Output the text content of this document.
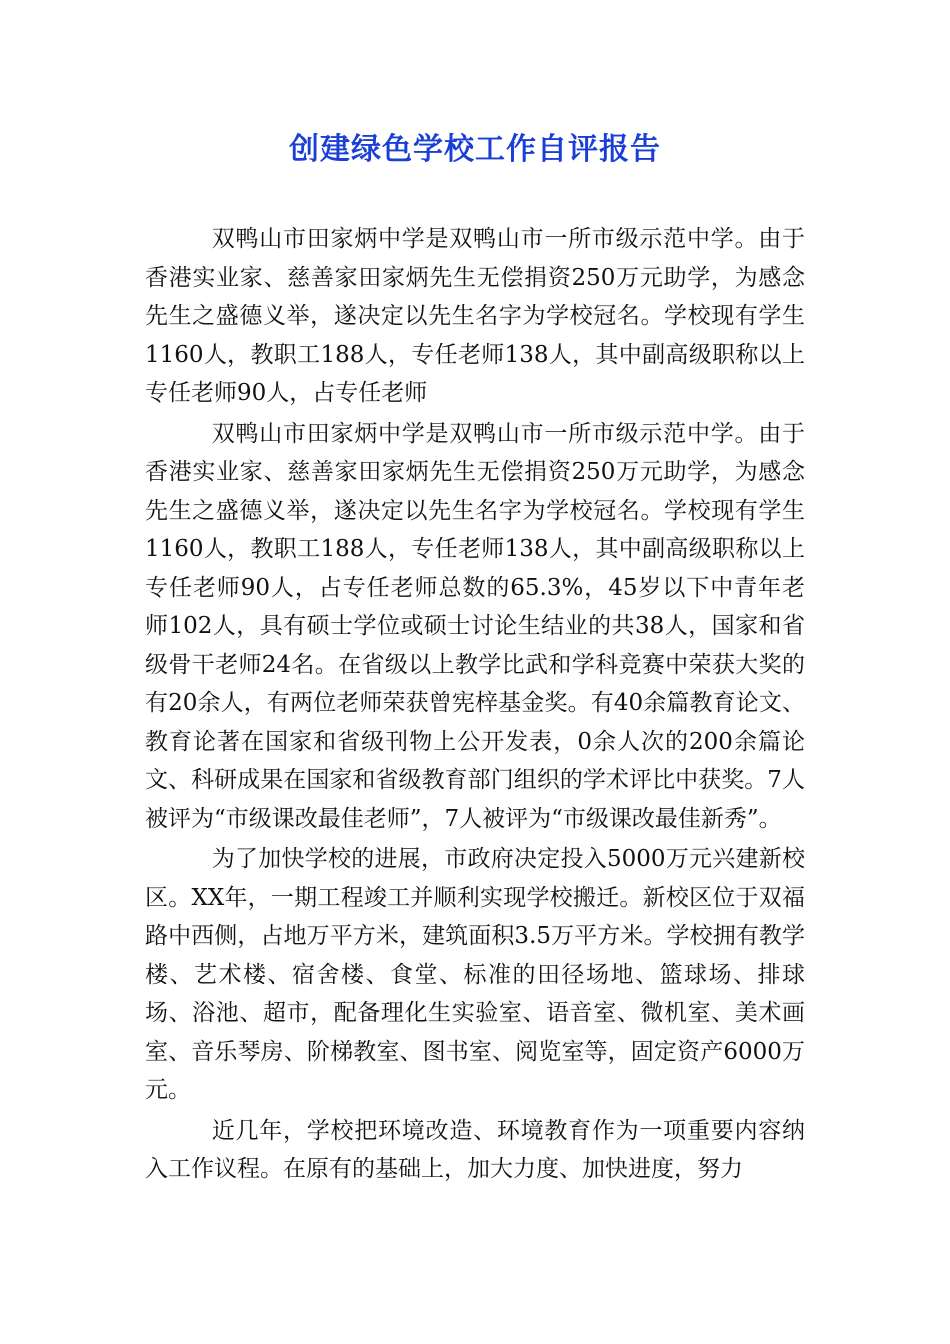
创建绿色学校工作自评报告

双鸭山市田家炳中学是双鸭山市一所市级示范中学。由于香港实业家、慈善家田家炳先生无偿捐资250万元助学，为感念先生之盛德义举，遂决定以先生名字为学校冠名。学校现有学生1160人，教职工188人，专任老师138人，其中副高级职称以上专任老师90人，占专任老师

双鸭山市田家炳中学是双鸭山市一所市级示范中学。由于香港实业家、慈善家田家炳先生无偿捐资250万元助学，为感念先生之盛德义举，遂决定以先生名字为学校冠名。学校现有学生1160人，教职工188人，专任老师138人，其中副高级职称以上专任老师90人，占专任老师总数的65.3%，45岁以下中青年老师102人，具有硕士学位或硕士讨论生结业的共38人，国家和省级骨干老师24名。在省级以上教学比武和学科竞赛中荣获大奖的有20余人，有两位老师荣获曾宪梓基金奖。有40余篇教育论文、教育论著在国家和省级刊物上公开发表，0余人次的200余篇论文、科研成果在国家和省级教育部门组织的学术评比中获奖。7人被评为“市级课改最佳老师”，7人被评为“市级课改最佳新秀”。

为了加快学校的进展，市政府决定投入5000万元兴建新校区。XX年，一期工程竣工并顺利实现学校搬迁。新校区位于双福路中西侧，占地万平方米，建筑面积3.5万平方米。学校拥有教学楼、艺术楼、宿舍楼、食堂、标准的田径场地、篮球场、排球场、浴池、超市，配备理化生实验室、语音室、微机室、美术画室、音乐琴房、阶梯教室、图书室、阅览室等，固定资产6000万元。

近几年，学校把环境改造、环境教育作为一项重要内容纳入工作议程。在原有的基础上，加大力度、加快进度，努力
